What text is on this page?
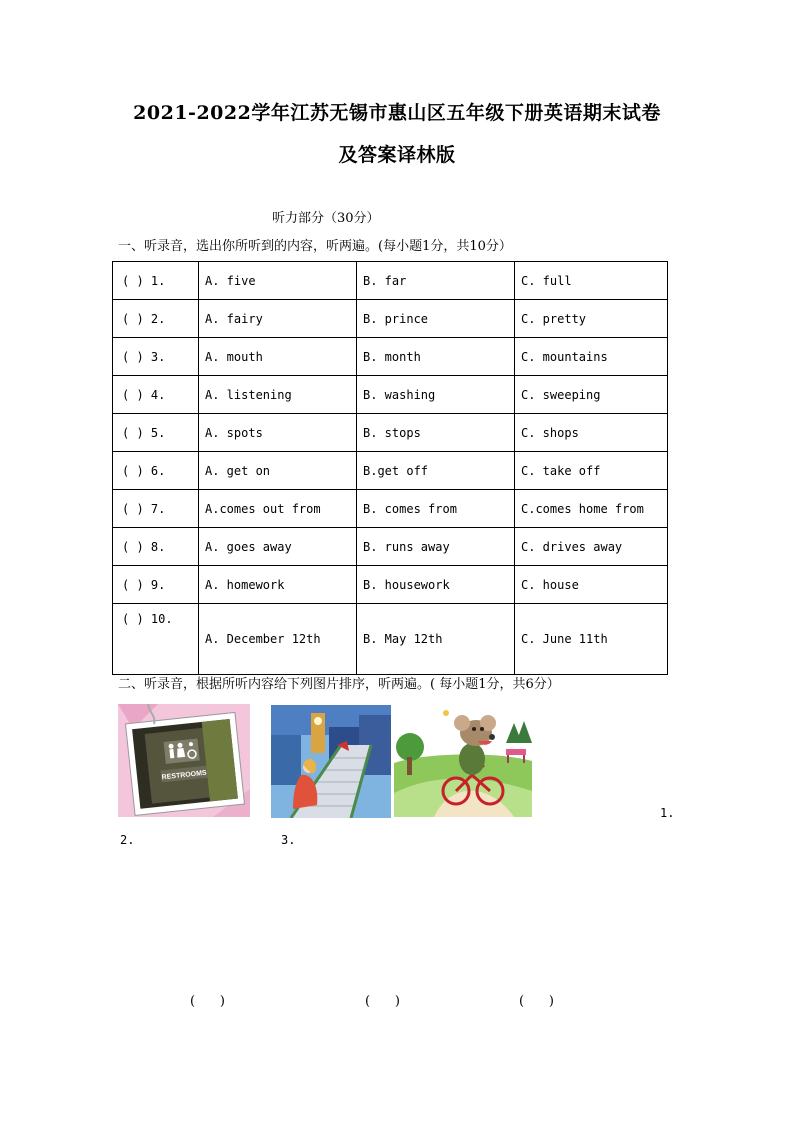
2021-2022学年江苏无锡市惠山区五年级下册英语期末试卷
及答案译林版
听力部分（30分）
一、听录音，选出你所听到的内容，听两遍。(每小题1分，共10分）
( ) 1.	A. five	B. far	C. full
( ) 2.	A. fairy	B. prince	C. pretty
( ) 3.	A. mouth	B. month	C. mountains
( ) 4.	A. listening	B. washing	C. sweeping
( ) 5.	A. spots	B. stops	C. shops
( ) 6.	A. get on	B.get off	C. take off
( ) 7.	A.comes out from	B. comes from	C.comes home from
( ) 8.	A. goes away	B. runs away	C. drives away
( ) 9.	A. homework	B. housework	C. house
( ) 10.	A. December 12th	B. May 12th	C. June 11th
二、听录音，根据所听内容给下列图片排序，听两遍。( 每小题1分，共6分）
RESTROOMS
1.
2.	3.
(      )	(      )	(      )
